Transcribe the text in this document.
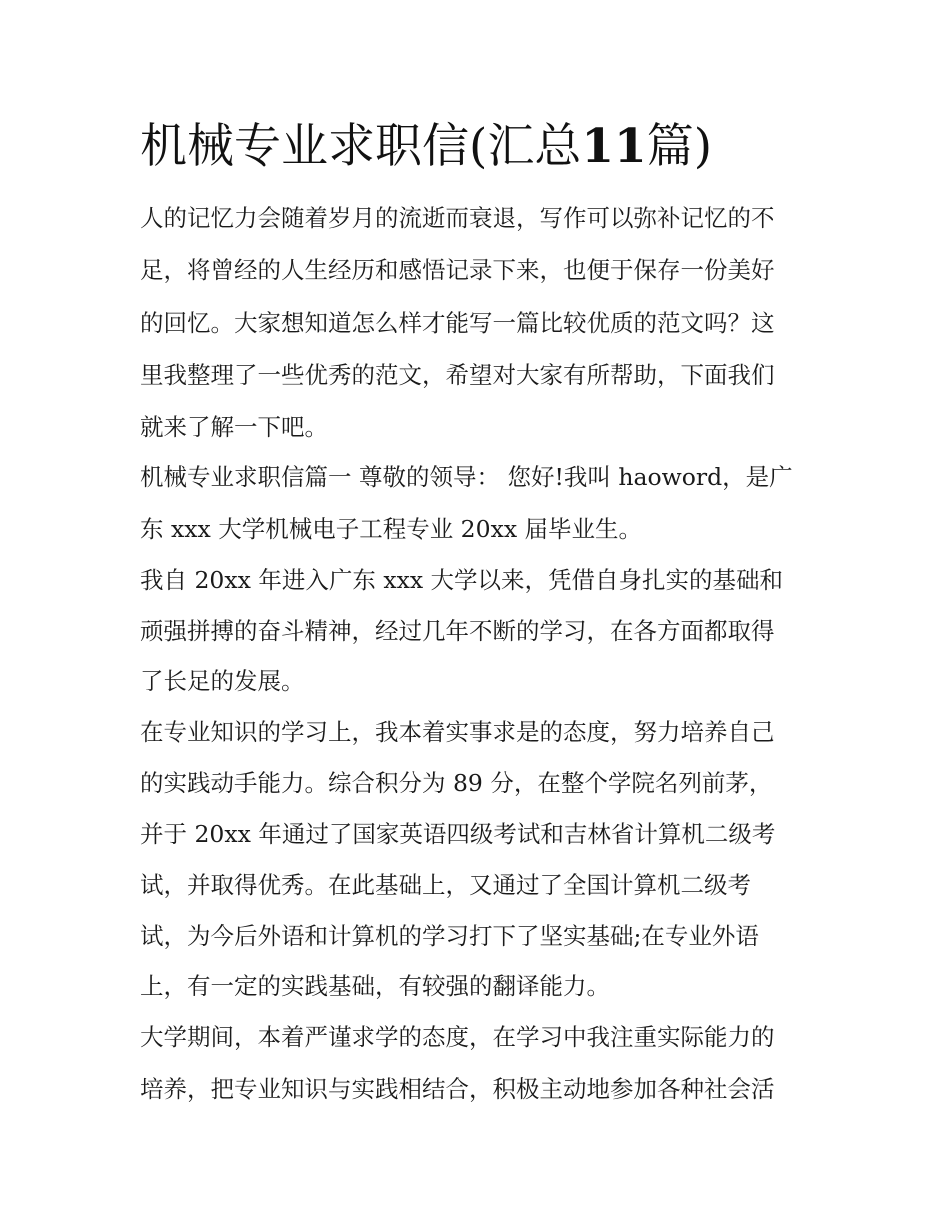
机械专业求职信(汇总11篇)

人的记忆力会随着岁月的流逝而衰退，写作可以弥补记忆的不

足，将曾经的人生经历和感悟记录下来，也便于保存一份美好

的回忆。大家想知道怎么样才能写一篇比较优质的范文吗？这

里我整理了一些优秀的范文，希望对大家有所帮助，下面我们

就来了解一下吧。

机械专业求职信篇一 尊敬的领导： 您好!我叫 haoword，是广

东 xxx 大学机械电子工程专业 20xx 届毕业生。

我自 20xx 年进入广东 xxx 大学以来，凭借自身扎实的基础和

顽强拼搏的奋斗精神，经过几年不断的学习，在各方面都取得

了长足的发展。

在专业知识的学习上，我本着实事求是的态度，努力培养自己

的实践动手能力。综合积分为 89 分，在整个学院名列前茅，

并于 20xx 年通过了国家英语四级考试和吉林省计算机二级考

试，并取得优秀。在此基础上，又通过了全国计算机二级考

试，为今后外语和计算机的学习打下了坚实基础;在专业外语

上，有一定的实践基础，有较强的翻译能力。

大学期间，本着严谨求学的态度，在学习中我注重实际能力的

培养，把专业知识与实践相结合，积极主动地参加各种社会活
